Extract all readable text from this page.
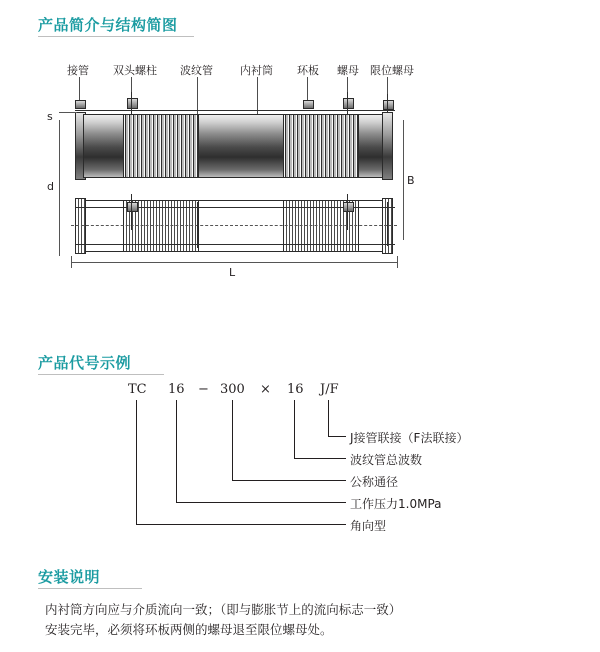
产品简介与结构简图
接管 双头螺柱 波纹管 内衬筒 环板 螺母 限位螺母
s
d	B
L
产品代号示例
TC 16 − 300 × 16 J/F
J接管联接（F法联接）
波纹管总波数
公称通径
工作压力1.0MPa
角向型
安装说明
内衬筒方向应与介质流向一致；（即与膨胀节上的流向标志一致）
安装完毕，必须将环板两侧的螺母退至限位螺母处。
